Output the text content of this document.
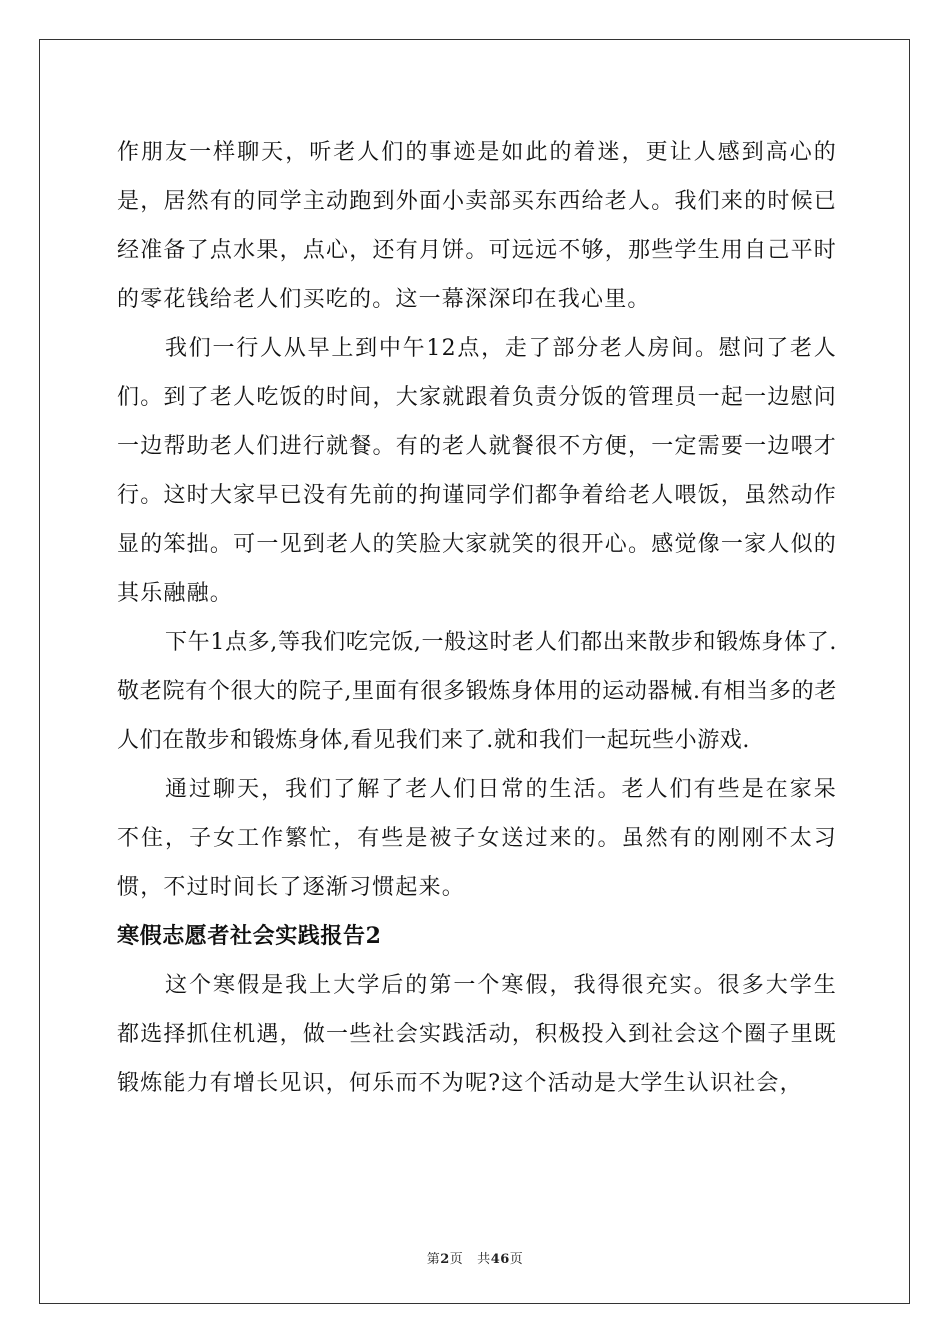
作朋友一样聊天，听老人们的事迹是如此的着迷，更让人感到高心的是，居然有的同学主动跑到外面小卖部买东西给老人。我们来的时候已经准备了点水果，点心，还有月饼。可远远不够，那些学生用自己平时的零花钱给老人们买吃的。这一幕深深印在我心里。

我们一行人从早上到中午12点，走了部分老人房间。慰问了老人们。到了老人吃饭的时间，大家就跟着负责分饭的管理员一起一边慰问一边帮助老人们进行就餐。有的老人就餐很不方便，一定需要一边喂才行。这时大家早已没有先前的拘谨同学们都争着给老人喂饭，虽然动作显的笨拙。可一见到老人的笑脸大家就笑的很开心。感觉像一家人似的其乐融融。

下午1点多,等我们吃完饭,一般这时老人们都出来散步和锻炼身体了.敬老院有个很大的院子,里面有很多锻炼身体用的运动器械.有相当多的老人们在散步和锻炼身体,看见我们来了.就和我们一起玩些小游戏.

通过聊天，我们了解了老人们日常的生活。老人们有些是在家呆不住，子女工作繁忙，有些是被子女送过来的。虽然有的刚刚不太习惯，不过时间长了逐渐习惯起来。

寒假志愿者社会实践报告2

这个寒假是我上大学后的第一个寒假，我得很充实。很多大学生都选择抓住机遇，做一些社会实践活动，积极投入到社会这个圈子里既锻炼能力有增长见识，何乐而不为呢?这个活动是大学生认识社会，

第2页 共46页
